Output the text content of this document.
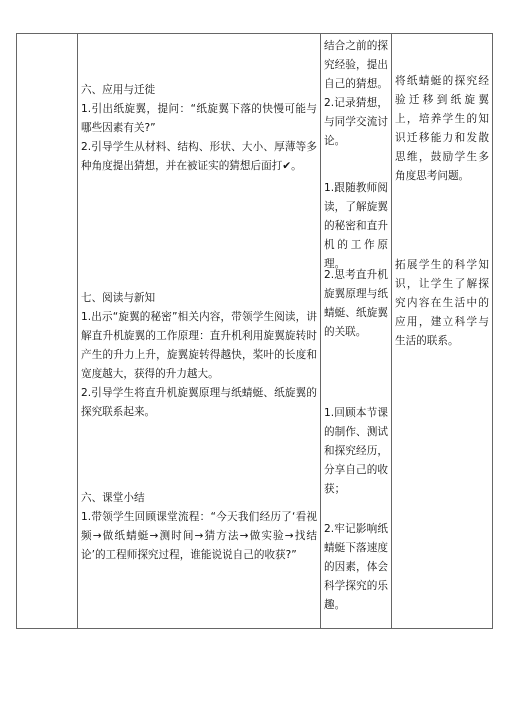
六、应用与迁徙

1.引出纸旋翼，提问：“纸旋翼下落的快慢可能与哪些因素有关?”

2.引导学生从材料、结构、形状、大小、厚薄等多种角度提出猜想，并在被证实的猜想后面打✔。

七、阅读与新知

1.出示“旋翼的秘密”相关内容，带领学生阅读，讲解直升机旋翼的工作原理：直升机利用旋翼旋转时产生的升力上升，旋翼旋转得越快，桨叶的长度和宽度越大，获得的升力越大。

2.引导学生将直升机旋翼原理与纸蜻蜓、纸旋翼的探究联系起来。

六、课堂小结

1.带领学生回顾课堂流程：“今天我们经历了‘看视频→做纸蜻蜓→测时间→猜方法→做实验→找结论’的工程师探究过程，谁能说说自己的收获?”

结合之前的探究经验，提出自己的猜想。2.记录猜想，与同学交流讨论。
1.跟随教师阅读，了解旋翼的秘密和直升机的工作原理。
2.思考直升机旋翼原理与纸蜻蜓、纸旋翼的关联。
1.回顾本节课的制作、测试和探究经历，分享自己的收获；
2.牢记影响纸蜻蜓下落速度的因素，体会科学探究的乐趣。
将纸蜻蜓的探究经验迁移到纸旋翼上，培养学生的知识迁移能力和发散思维，鼓励学生多角度思考问题。
拓展学生的科学知识，让学生了解探究内容在生活中的应用，建立科学与生活的联系。
